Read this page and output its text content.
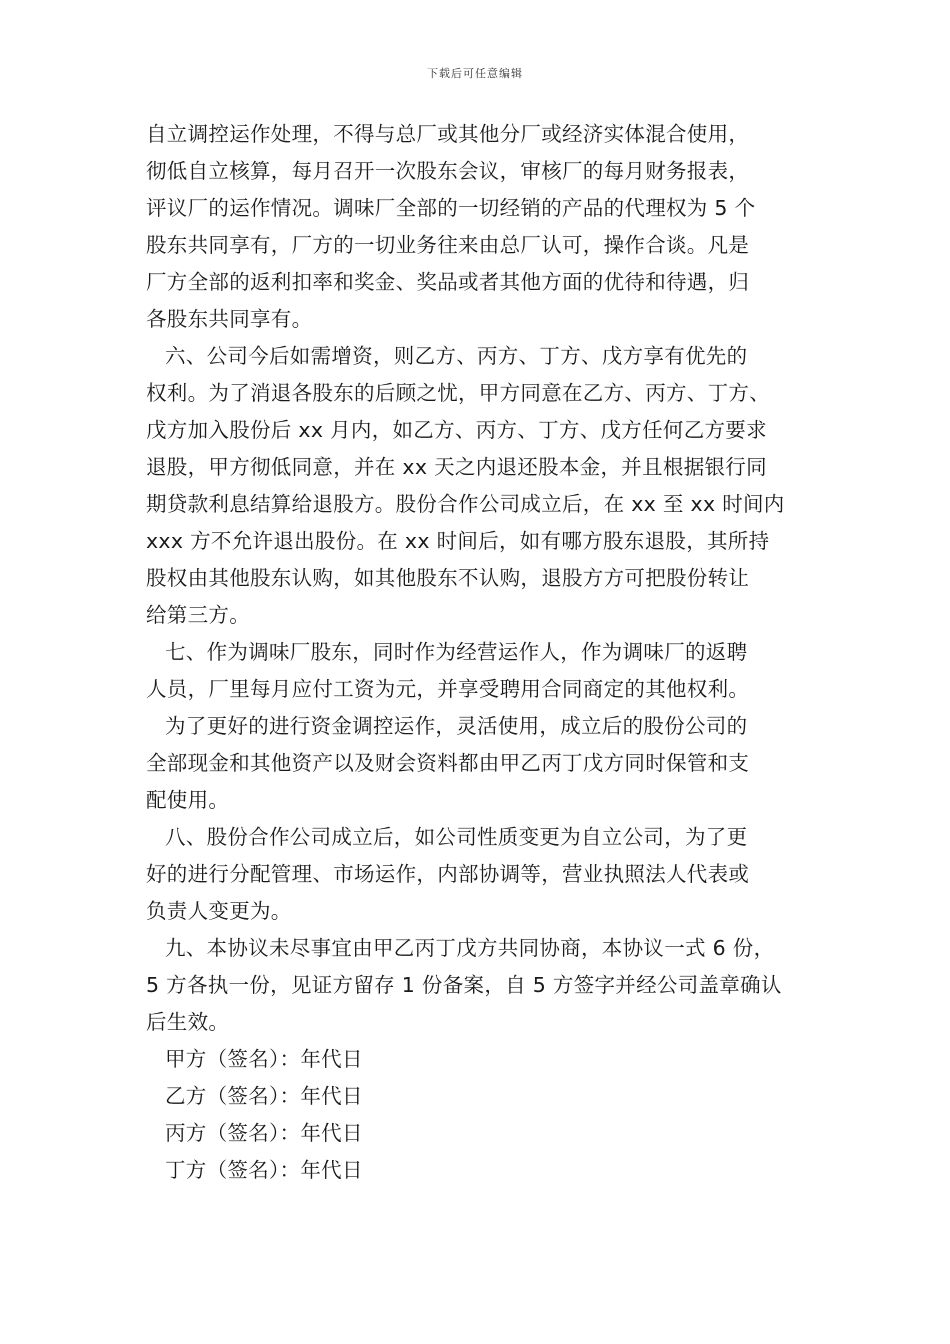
下载后可任意编辑
自立调控运作处理，不得与总厂或其他分厂或经济实体混合使用，
彻低自立核算，每月召开一次股东会议，审核厂的每月财务报表，
评议厂的运作情况。调味厂全部的一切经销的产品的代理权为 5 个
股东共同享有，厂方的一切业务往来由总厂认可，操作合谈。凡是
厂方全部的返利扣率和奖金、奖品或者其他方面的优待和待遇，归
各股东共同享有。
六、公司今后如需增资，则乙方、丙方、丁方、戊方享有优先的
权利。为了消退各股东的后顾之忧，甲方同意在乙方、丙方、丁方、
戊方加入股份后 xx 月内，如乙方、丙方、丁方、戊方任何乙方要求
退股，甲方彻低同意，并在 xx 天之内退还股本金，并且根据银行同
期贷款利息结算给退股方。股份合作公司成立后，在 xx 至 xx 时间内
xxx 方不允许退出股份。在 xx 时间后，如有哪方股东退股，其所持
股权由其他股东认购，如其他股东不认购，退股方方可把股份转让
给第三方。
七、作为调味厂股东，同时作为经营运作人，作为调味厂的返聘
人员，厂里每月应付工资为元，并享受聘用合同商定的其他权利。
为了更好的进行资金调控运作，灵活使用，成立后的股份公司的
全部现金和其他资产以及财会资料都由甲乙丙丁戊方同时保管和支
配使用。
八、股份合作公司成立后，如公司性质变更为自立公司，为了更
好的进行分配管理、市场运作，内部协调等，营业执照法人代表或
负责人变更为。
九、本协议未尽事宜由甲乙丙丁戊方共同协商，本协议一式 6 份，
5 方各执一份，见证方留存 1 份备案，自 5 方签字并经公司盖章确认
后生效。
甲方（签名）：年代日
乙方（签名）：年代日
丙方（签名）：年代日
丁方（签名）：年代日
